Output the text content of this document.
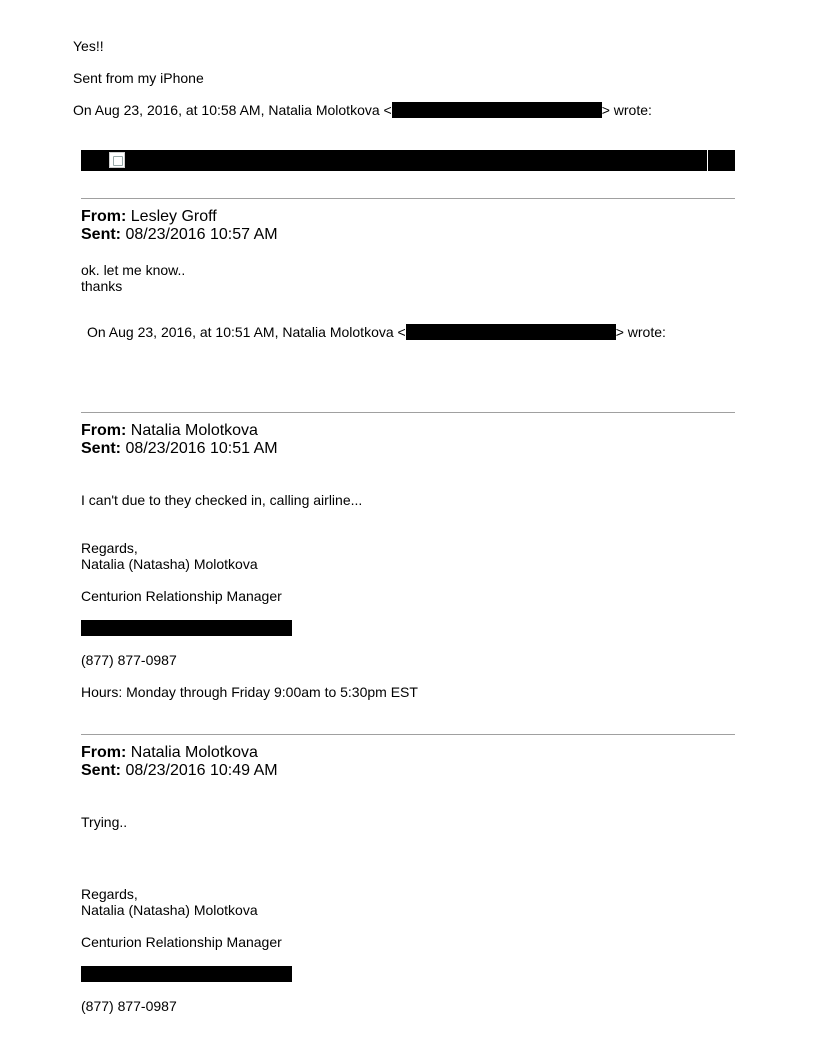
Yes!!
Sent from my iPhone
On Aug 23, 2016, at 10:58 AM, Natalia Molotkova <	> wrote:
From: Lesley Groff
Sent: 08/23/2016 10:57 AM
ok. let me know..
thanks
On Aug 23, 2016, at 10:51 AM, Natalia Molotkova <	> wrote:
From: Natalia Molotkova
Sent: 08/23/2016 10:51 AM
I can't due to they checked in, calling airline...
Regards,
Natalia (Natasha) Molotkova
Centurion Relationship Manager
(877) 877-0987
Hours: Monday through Friday 9:00am to 5:30pm EST
From: Natalia Molotkova
Sent: 08/23/2016 10:49 AM
Trying..
Regards,
Natalia (Natasha) Molotkova
Centurion Relationship Manager
(877) 877-0987
